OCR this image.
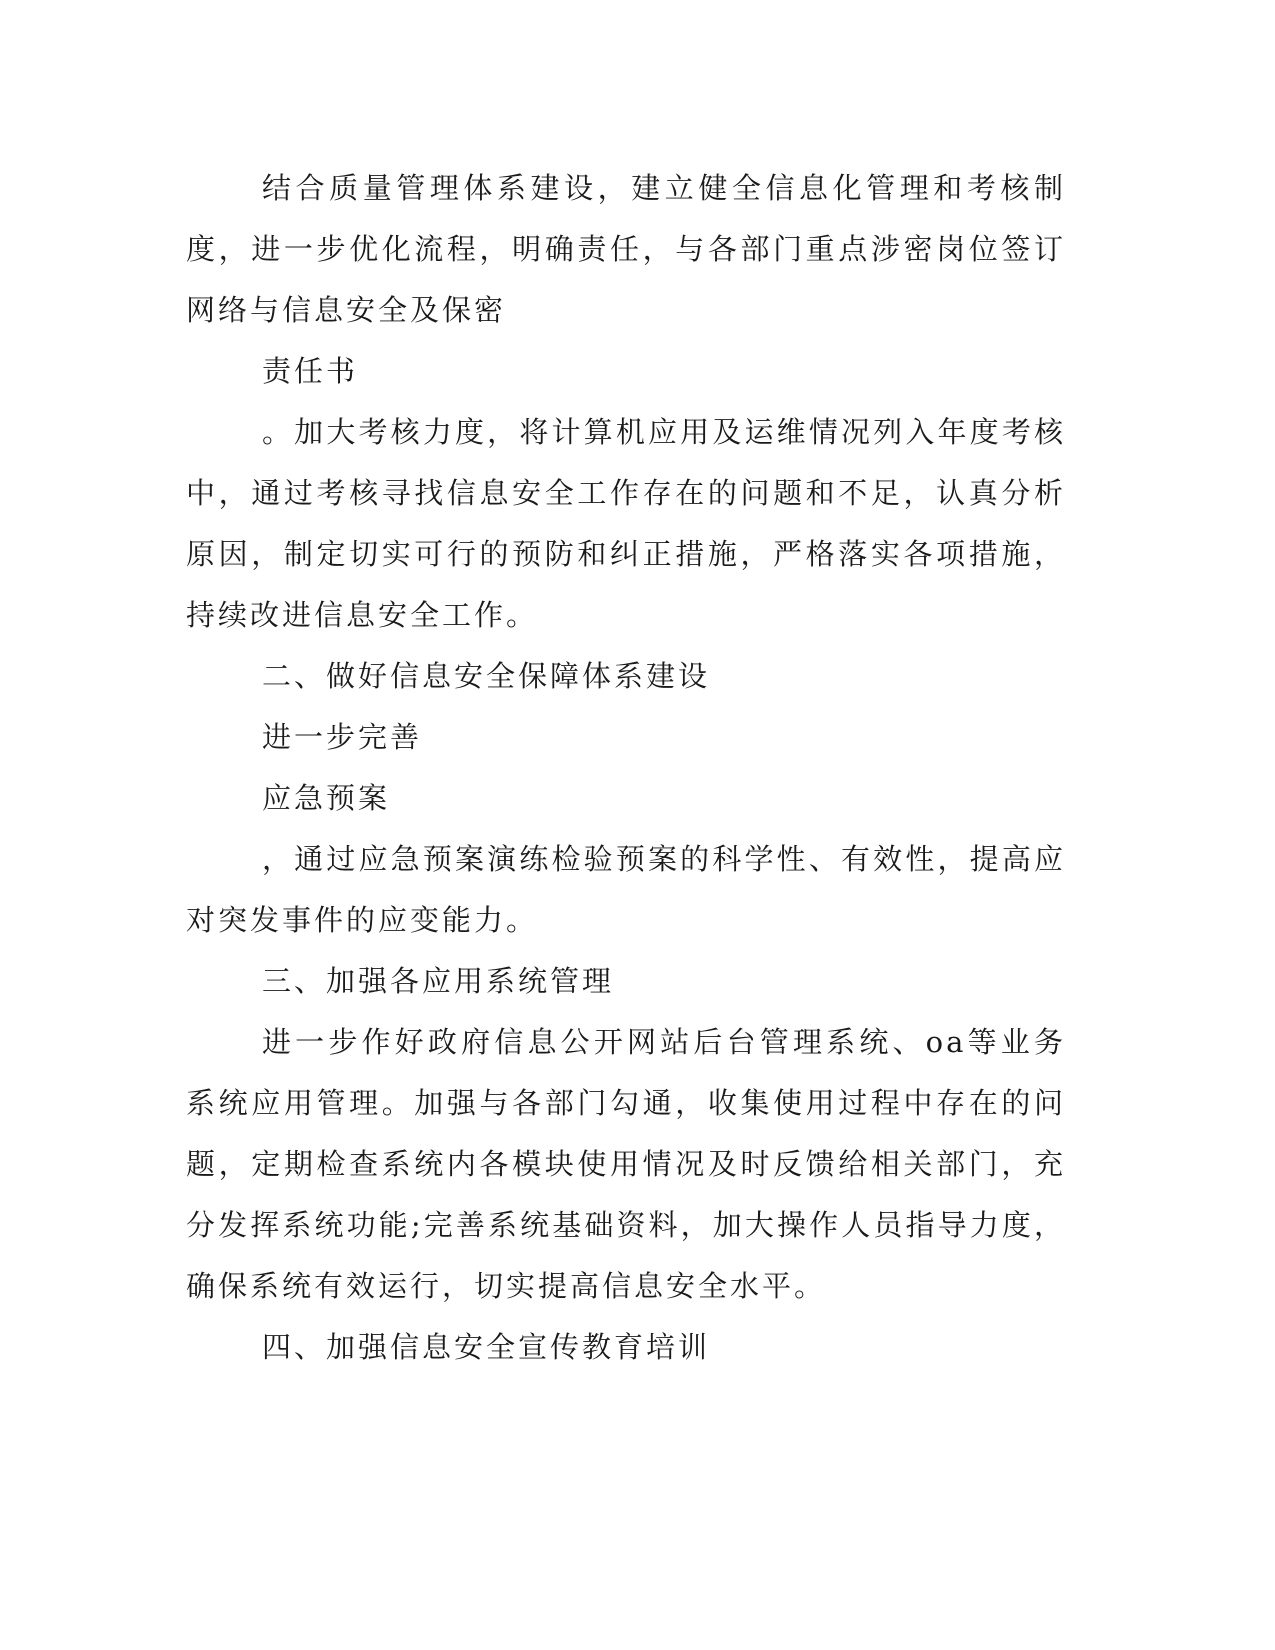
结合质量管理体系建设，建立健全信息化管理和考核制度，进一步优化流程，明确责任，与各部门重点涉密岗位签订网络与信息安全及保密

责任书

。加大考核力度，将计算机应用及运维情况列入年度考核中，通过考核寻找信息安全工作存在的问题和不足，认真分析原因，制定切实可行的预防和纠正措施，严格落实各项措施，持续改进信息安全工作。

二、做好信息安全保障体系建设

进一步完善

应急预案

，通过应急预案演练检验预案的科学性、有效性，提高应对突发事件的应变能力。

三、加强各应用系统管理

进一步作好政府信息公开网站后台管理系统、oa等业务系统应用管理。加强与各部门勾通，收集使用过程中存在的问题，定期检查系统内各模块使用情况及时反馈给相关部门，充分发挥系统功能;完善系统基础资料，加大操作人员指导力度，确保系统有效运行，切实提高信息安全水平。

四、加强信息安全宣传教育培训
